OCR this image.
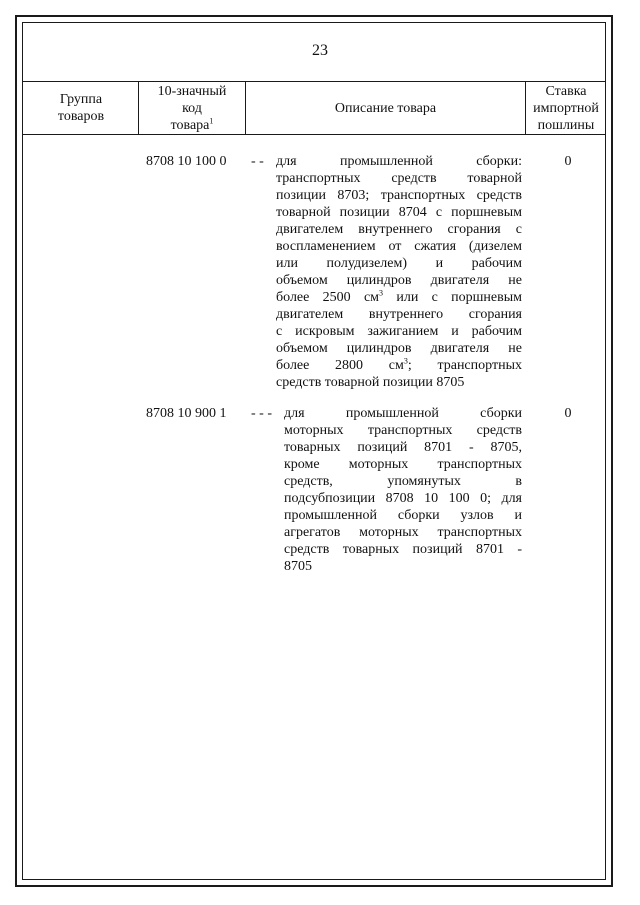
23
Группа
товаров
10-значный
код
товара$^1$
Описание товара
Ставка
импортной
пошлины
8708 10 100 0 - - для промышленной сборки:
транспортных средств товарной
позиции 8703; транспортных средств
товарной позиции 8704 с поршневым
двигателем внутреннего сгорания с
воспламенением от сжатия (дизелем
или полудизелем) и рабочим
объемом цилиндров двигателя не
более 2500 $см^3$ или с поршневым
двигателем внутреннего сгорания
с искровым зажиганием и рабочим
объемом цилиндров двигателя не
более 2800 $см^3$; транспортных
средств товарной позиции 8705
0
8708 10 900 1 - - - для промышленной сборки
моторных транспортных средств
товарных позиций 8701 - 8705,
кроме моторных транспортных
средств, упомянутых в
подсубпозиции 8708 10 100 0; для
промышленной сборки узлов и
агрегатов моторных транспортных
средств товарных позиций 8701 -
8705
0
